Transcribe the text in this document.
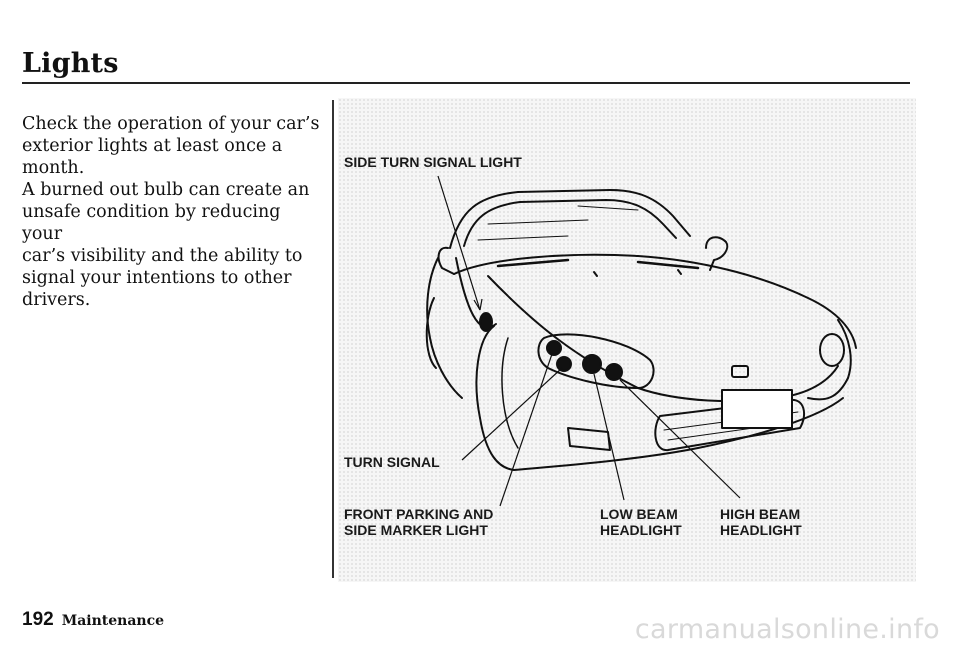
Lights

Check the operation of your car’s
exterior lights at least once a month.
A burned out bulb can create an
unsafe condition by reducing your
car’s visibility and the ability to
signal your intentions to other
drivers.

SIDE TURN SIGNAL LIGHT
TURN SIGNAL
FRONT PARKING AND
SIDE MARKER LIGHT
LOW BEAM
HEADLIGHT
HIGH BEAM
HEADLIGHT
192 Maintenance	carmanualsonline.info
